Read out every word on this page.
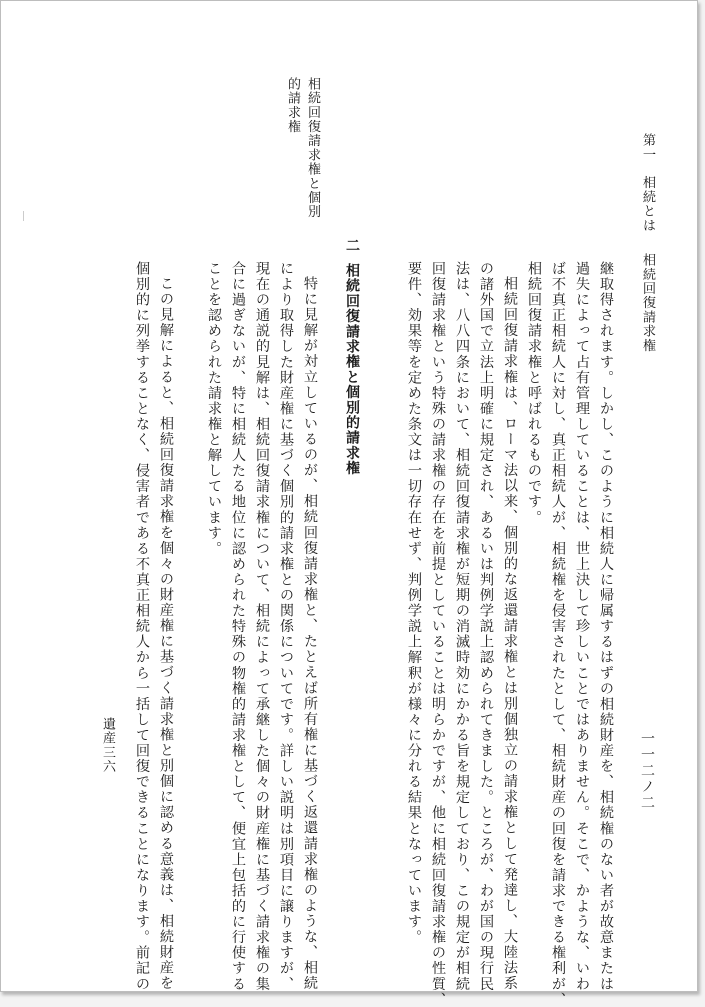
第一　相続とは

相続回復請求権

一一二ノ二

継取得されます。しかし、このように相続人に帰属するはずの相続財産を、相続権のない者が故意または

過失によって占有管理していることは、世上決して珍しいことではありません。そこで、かような、いわ

ば不真正相続人に対し、真正相続人が、相続権を侵害されたとして、相続財産の回復を請求できる権利が、

相続回復請求権と呼ばれるものです。

相続回復請求権は、ローマ法以来、個別的な返還請求権とは別個独立の請求権として発達し、大陸法系

の諸外国で立法上明確に規定され、あるいは判例学説上認められてきました。ところが、わが国の現行民

法は、八八四条において、相続回復請求権が短期の消滅時効にかかる旨を規定しており、この規定が相続

回復請求権という特殊の請求権の存在を前提としていることは明らかですが、他に相続回復請求権の性質、

要件、効果等を定めた条文は一切存在せず、判例学説上解釈が様々に分れる結果となっています。

二相続回復請求権と個別的請求権

特に見解が対立しているのが、相続回復請求権と、たとえば所有権に基づく返還請求権のような、相続

により取得した財産権に基づく個別的請求権との関係についてです。詳しい説明は別項目に譲りますが、

現在の通説的見解は、相続回復請求権について、相続によって承継した個々の財産権に基づく請求権の集

合に過ぎないが、特に相続人たる地位に認められた特殊の物権的請求権として、便宜上包括的に行使する

ことを認められた請求権と解しています。

この見解によると、相続回復請求権を個々の財産権に基づく請求権と別個に認める意義は、相続財産を

個別的に列挙することなく、侵害者である不真正相続人から一括して回復できることになります。前記の

相続回復請求権と個別

的請求権

遺産三六
